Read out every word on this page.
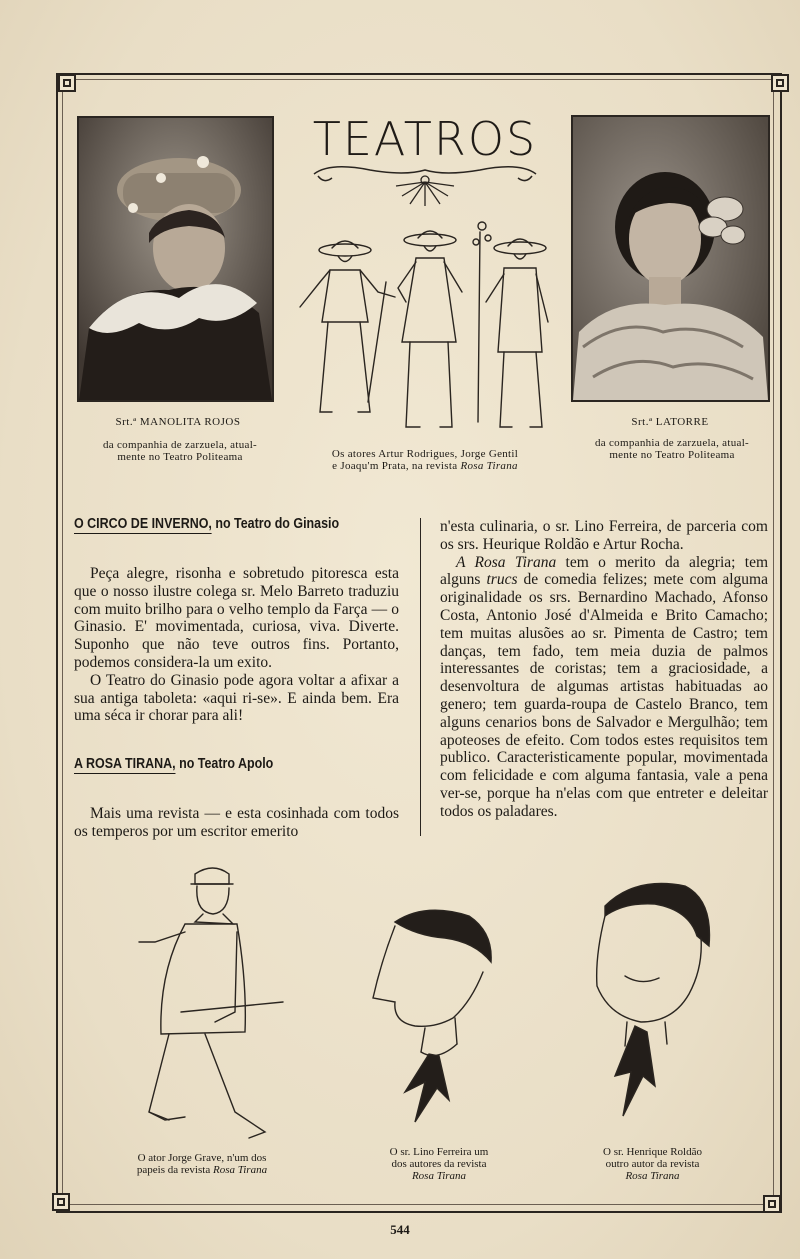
TEATROS
Srt.ª MANOLITA ROJOS
da companhia de zarzuela, atual-
mente no Teatro Politeama
Srt.ª LATORRE
da companhia de zarzuela, atual-
mente no Teatro Politeama
Os atores Artur Rodrigues, Jorge Gentil
e Joaqu'm Prata, na revista Rosa Tirana
O CIRCO DE INVERNO, no Teatro do Ginasio

Peça alegre, risonha e sobretudo pitoresca esta que o nosso ilustre colega sr. Melo Barreto traduziu com muito brilho para o velho templo da Farça — o Ginasio. E' movimentada, curiosa, viva. Diverte. Suponho que não teve outros fins. Portanto, podemos considera-la um exito.

O Teatro do Ginasio pode agora voltar a afixar a sua antiga taboleta: «aqui ri-se». E ainda bem. Era uma séca ir chorar para ali!

A ROSA TIRANA, no Teatro Apolo

Mais uma revista — e esta cosinhada com todos os temperos por um escritor emerito

n'esta culinaria, o sr. Lino Ferreira, de parceria com os srs. Heurique Roldão e Artur Rocha.

A Rosa Tirana tem o merito da alegria; tem alguns trucs de comedia felizes; mete com alguma originalidade os srs. Bernardino Machado, Afonso Costa, Antonio José d'Almeida e Brito Camacho; tem muitas alusões ao sr. Pimenta de Castro; tem danças, tem fado, tem meia duzia de palmos interessantes de coristas; tem a graciosidade, a desenvoltura de algumas artistas habituadas ao genero; tem guarda-roupa de Castelo Branco, tem alguns cenarios bons de Salvador e Mergulhão; tem apoteoses de efeito. Com todos estes requisitos tem publico. Caracteristicamente popular, movimentada com felicidade e com alguma fantasia, vale a pena ver-se, porque ha n'elas com que entreter e deleitar todos os paladares.

O ator Jorge Grave, n'um dos
papeis da revista Rosa Tirana
O sr. Lino Ferreira um
dos autores da revista
Rosa Tirana
O sr. Henrique Roldão
outro autor da revista
Rosa Tirana
544
